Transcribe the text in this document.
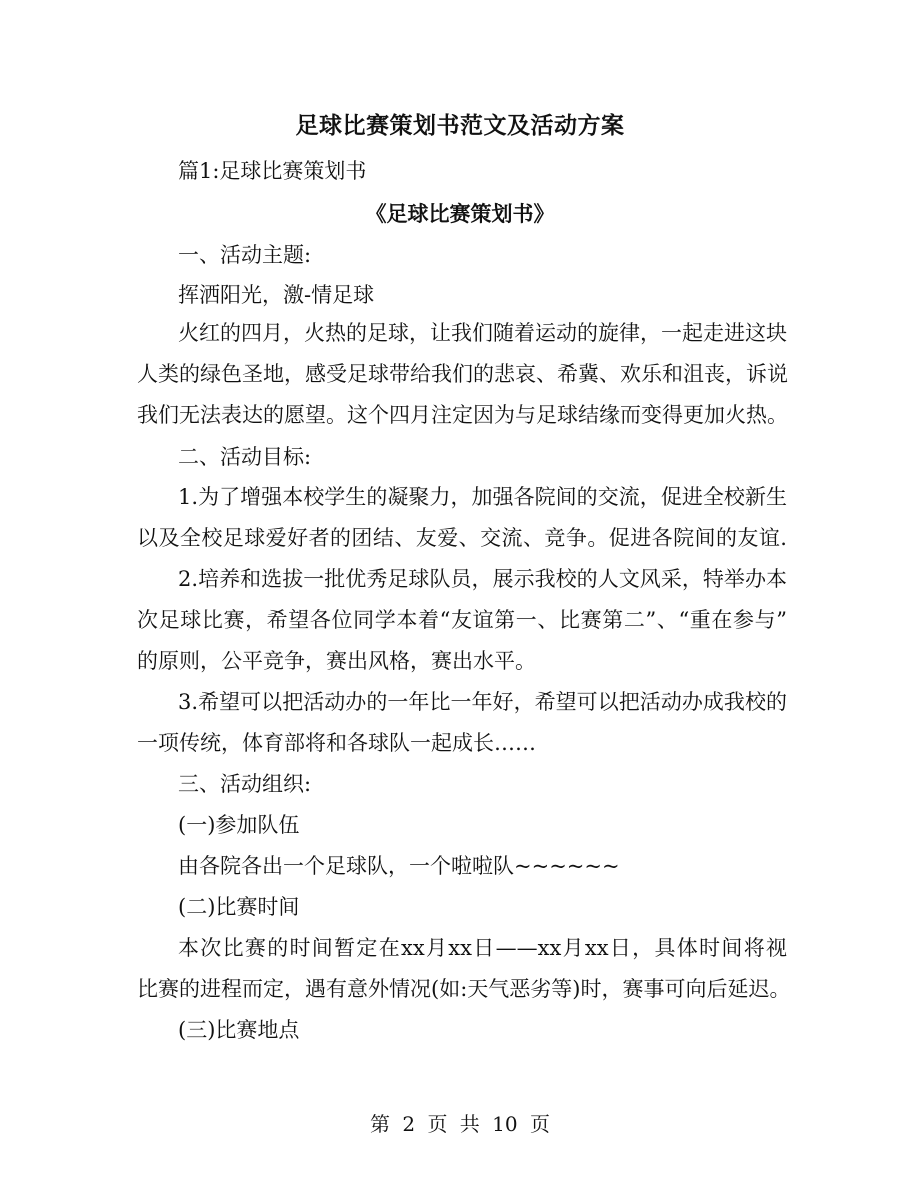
足球比赛策划书范文及活动方案
篇1:足球比赛策划书
《足球比赛策划书》
一、活动主题:
挥洒阳光，激-情足球
火红的四月，火热的足球，让我们随着运动的旋律，一起走进这块
人类的绿色圣地，感受足球带给我们的悲哀、希冀、欢乐和沮丧，诉说
我们无法表达的愿望。这个四月注定因为与足球结缘而变得更加火热。
二、活动目标:
1.为了增强本校学生的凝聚力，加强各院间的交流，促进全校新生
以及全校足球爱好者的团结、友爱、交流、竞争。促进各院间的友谊.
2.培养和选拔一批优秀足球队员，展示我校的人文风采，特举办本
次足球比赛，希望各位同学本着“友谊第一、比赛第二”、“重在参与”
的原则，公平竞争，赛出风格，赛出水平。
3.希望可以把活动办的一年比一年好，希望可以把活动办成我校的
一项传统，体育部将和各球队一起成长……
三、活动组织:
(一)参加队伍
由各院各出一个足球队，一个啦啦队~~~~~~
(二)比赛时间
本次比赛的时间暂定在xx月xx日——xx月xx日，具体时间将视
比赛的进程而定，遇有意外情况(如:天气恶劣等)时，赛事可向后延迟。
(三)比赛地点
第 2 页 共 10 页
